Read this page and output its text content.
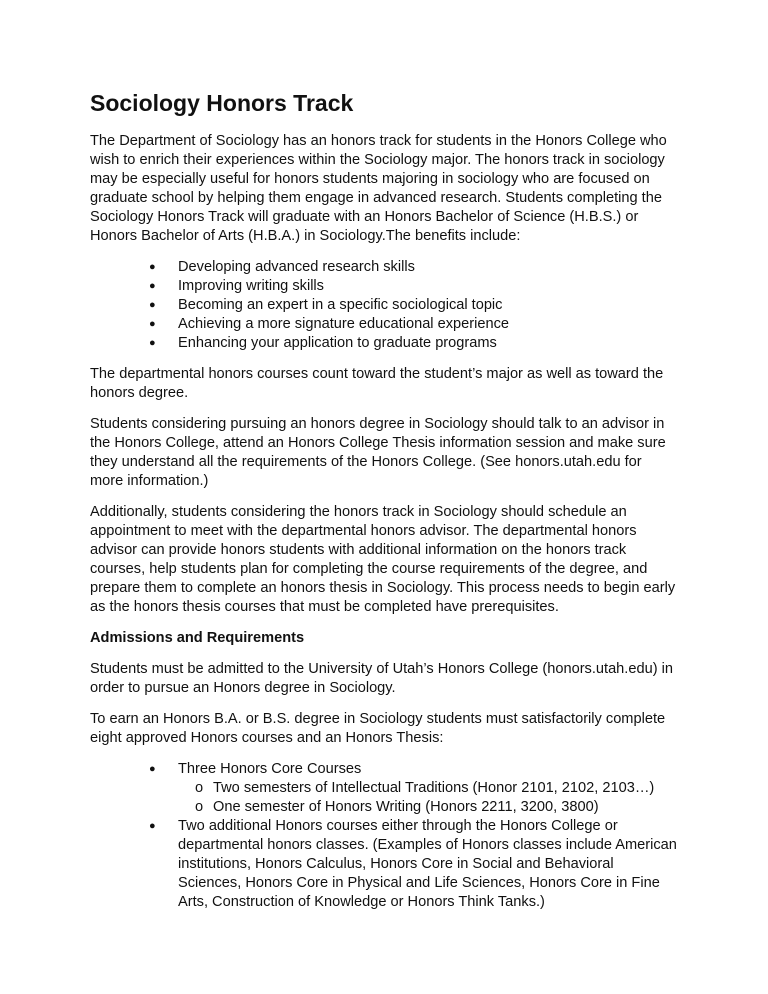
Sociology Honors Track

The Department of Sociology has an honors track for students in the Honors College who wish to enrich their experiences within the Sociology major. The honors track in sociology may be especially useful for honors students majoring in sociology who are focused on graduate school by helping them engage in advanced research. Students completing the Sociology Honors Track will graduate with an Honors Bachelor of Science (H.B.S.) or Honors Bachelor of Arts (H.B.A.) in Sociology.The benefits include:

● Developing advanced research skills
● Improving writing skills
● Becoming an expert in a specific sociological topic
● Achieving a more signature educational experience
● Enhancing your application to graduate programs

The departmental honors courses count toward the student’s major as well as toward the honors degree.

Students considering pursuing an honors degree in Sociology should talk to an advisor in the Honors College, attend an Honors College Thesis information session and make sure they understand all the requirements of the Honors College. (See honors.utah.edu for more information.)

Additionally, students considering the honors track in Sociology should schedule an appointment to meet with the departmental honors advisor. The departmental honors advisor can provide honors students with additional information on the honors track courses, help students plan for completing the course requirements of the degree, and prepare them to complete an honors thesis in Sociology. This process needs to begin early as the honors thesis courses that must be completed have prerequisites.

Admissions and Requirements

Students must be admitted to the University of Utah’s Honors College (honors.utah.edu) in order to pursue an Honors degree in Sociology.

To earn an Honors B.A. or B.S. degree in Sociology students must satisfactorily complete eight approved Honors courses and an Honors Thesis:

● Three Honors Core Courses
o Two semesters of Intellectual Traditions (Honor 2101, 2102, 2103…)
o One semester of Honors Writing (Honors 2211, 3200, 3800)
● Two additional Honors courses either through the Honors College or departmental honors classes. (Examples of Honors classes include American institutions, Honors Calculus, Honors Core in Social and Behavioral Sciences, Honors Core in Physical and Life Sciences, Honors Core in Fine Arts, Construction of Knowledge or Honors Think Tanks.)
